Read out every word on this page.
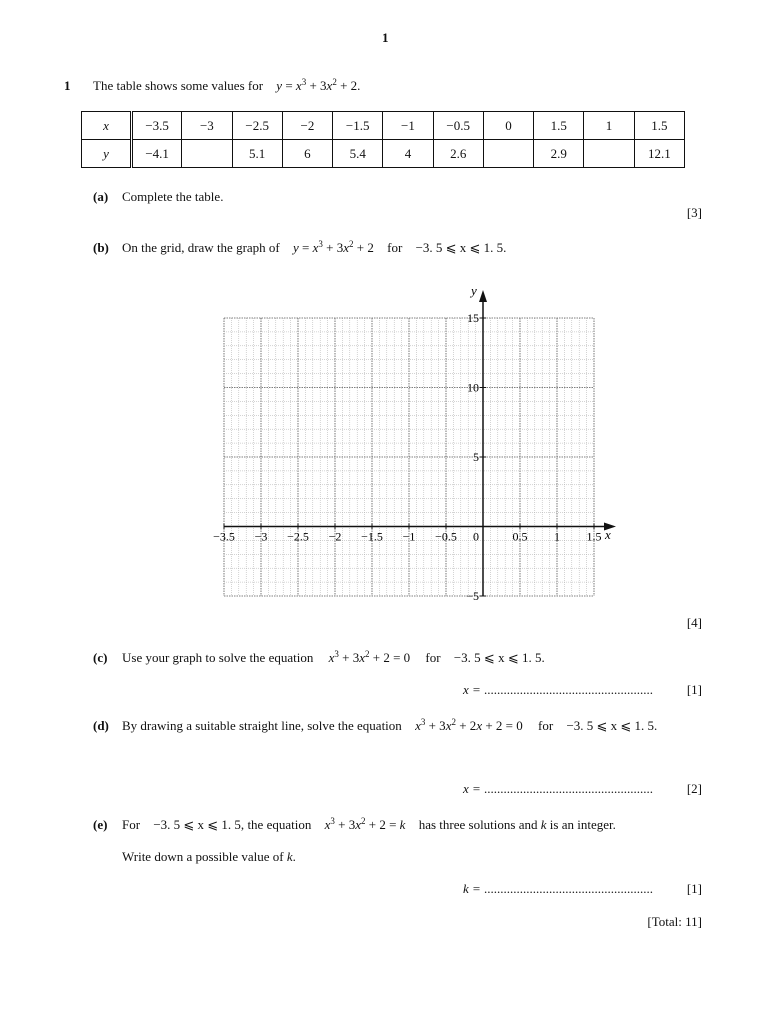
1
1 The table shows some values for $y = x^3 + 3x^2 + 2$.
x	−3.5	−3	−2.5	−2	−1.5	−1	−0.5	0	1.5	1	1.5
y	−4.1		5.1	6	5.4	4	2.6		2.9		12.1
(a) Complete the table.
[3]
(b) On the grid, draw the graph of $y = x^3 + 3x^2 + 2$ for −3. 5 ⩽ x ⩽ 1. 5.
−3.5 −3 −2.5 −2 −1.5 −1 −0.5 0	0.5 1 1.5
−5
5
10
15
x
y
[4]
(c) Use your graph to solve the equation $x^3 + 3x^2 + 2 = 0$ for −3. 5 ⩽ x ⩽ 1. 5.
x = ....................................................	[1]
(d) By drawing a suitable straight line, solve the equation $x^3 + 3x^2 + 2x + 2 = 0$ for −3. 5 ⩽ x ⩽ 1. 5.
x = ....................................................	[2]
(e) For −3. 5 ⩽ x ⩽ 1. 5, the equation $x^3 + 3x^2 + 2 = k$ has three solutions and k is an integer.
Write down a possible value of k.
k = ....................................................	[1]
[Total: 11]
